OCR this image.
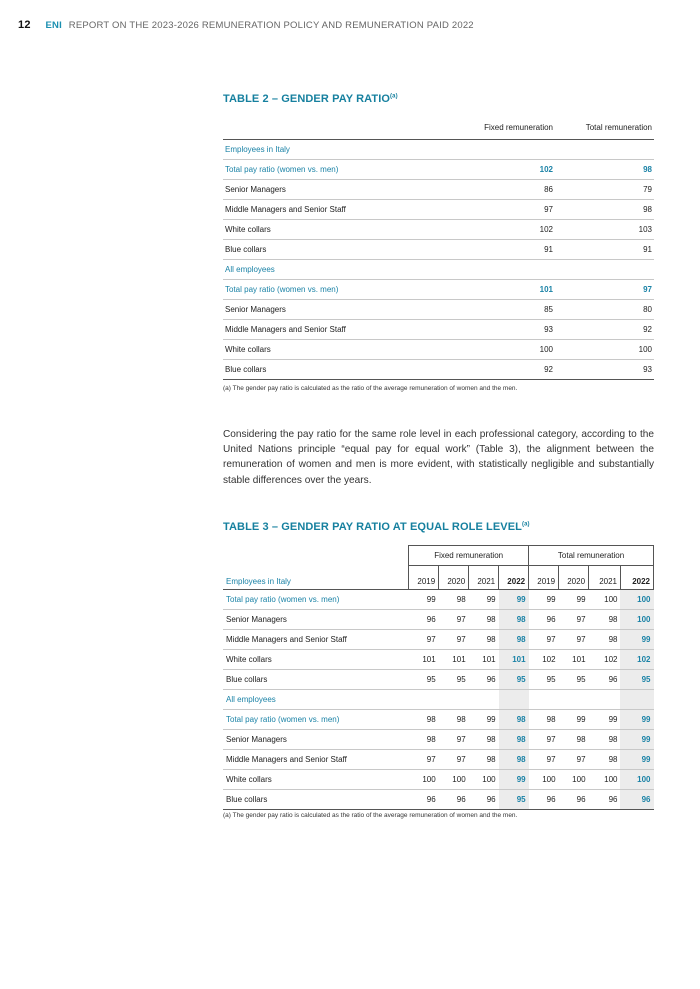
12 ENI REPORT ON THE 2023-2026 REMUNERATION POLICY AND REMUNERATION PAID 2022
TABLE 2 – GENDER PAY RATIO$^{(a)}$
	Fixed remuneration	Total remuneration
Employees in Italy		
Total pay ratio (women vs. men)	102	98
Senior Managers	86	79
Middle Managers and Senior Staff	97	98
White collars	102	103
Blue collars	91	91
All employees		
Total pay ratio (women vs. men)	101	97
Senior Managers	85	80
Middle Managers and Senior Staff	93	92
White collars	100	100
Blue collars	92	93
(a) The gender pay ratio is calculated as the ratio of the average remuneration of women and the men.
Considering the pay ratio for the same role level in each professional category, according to the United Nations principle “equal pay for equal work” (Table 3), the alignment between the remuneration of women and men is more evident, with statistically negligible and substantially stable differences over the years.
TABLE 3 – GENDER PAY RATIO AT EQUAL ROLE LEVEL$^{(a)}$
	Fixed remuneration				Total remuneration			
Employees in Italy	2019	2020	2021	2022	2019	2020	2021	2022
Total pay ratio (women vs. men)	99	98	99	99	99	99	100	100
Senior Managers	96	97	98	98	96	97	98	100
Middle Managers and Senior Staff	97	97	98	98	97	97	98	99
White collars	101	101	101	101	102	101	102	102
Blue collars	95	95	96	95	95	95	96	95
All employees								
Total pay ratio (women vs. men)	98	98	99	98	98	99	99	99
Senior Managers	98	97	98	98	97	98	98	99
Middle Managers and Senior Staff	97	97	98	98	97	97	98	99
White collars	100	100	100	99	100	100	100	100
Blue collars	96	96	96	95	96	96	96	96
(a) The gender pay ratio is calculated as the ratio of the average remuneration of women and the men.
